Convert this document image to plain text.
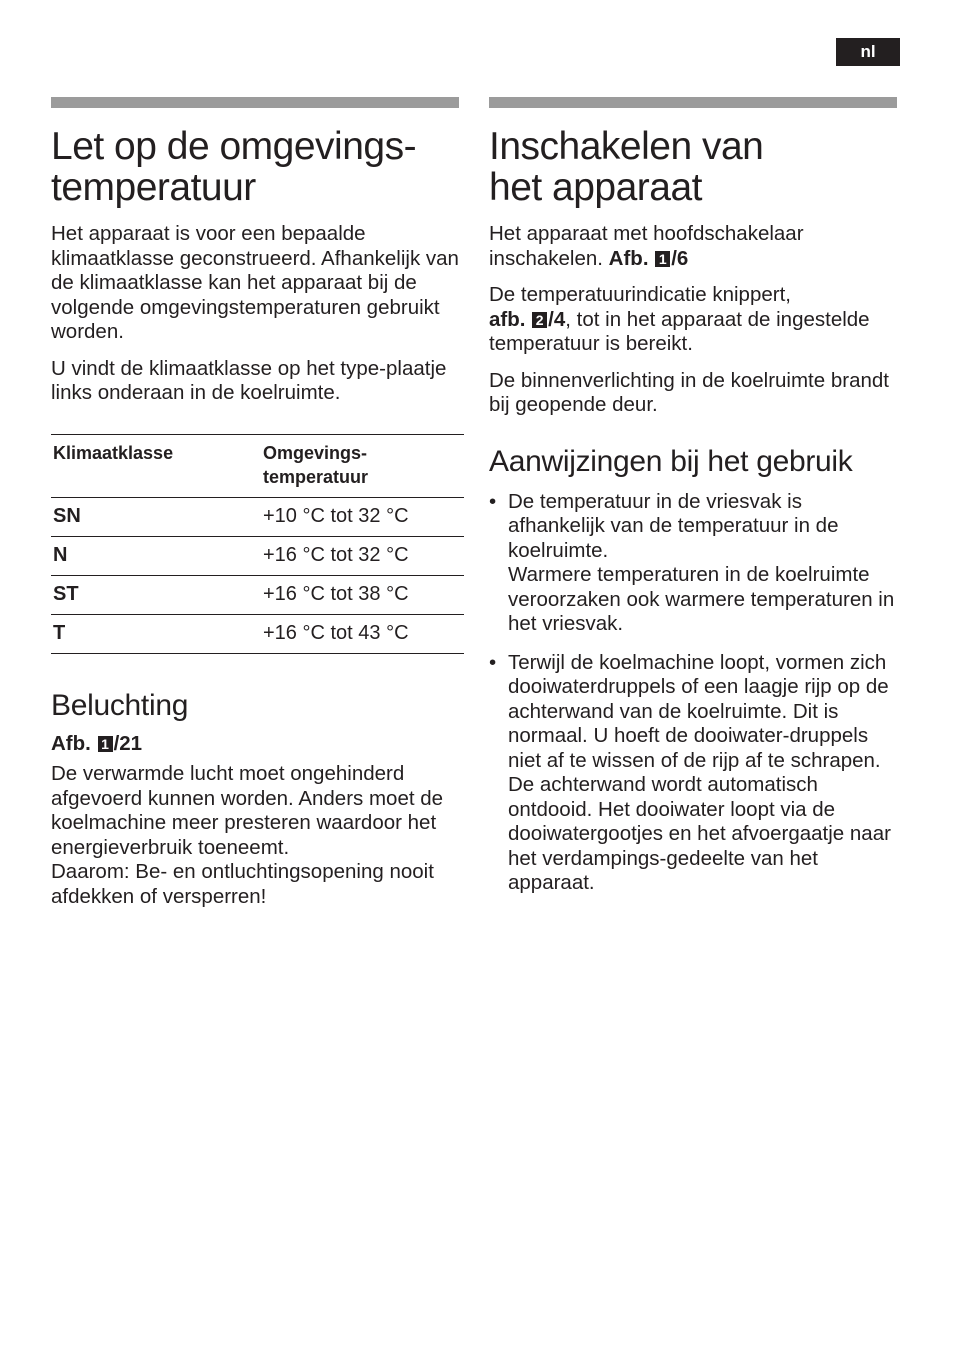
nl
Let op de omgevings-
temperatuur

Het apparaat is voor een bepaalde klimaatklasse geconstrueerd. Afhankelijk van de klimaatklasse kan het apparaat bij de volgende omgevingstemperaturen gebruikt worden.

U vindt de klimaatklasse op het type-plaatje links onderaan in de koelruimte.

Klimaatklasse	Omgevings-
temperatuur
SN	+10 °C tot 32 °C
N	+16 °C tot 32 °C
ST	+16 °C tot 38 °C
T	+16 °C tot 43 °C
Beluchting

Afb. 1 /21

De verwarmde lucht moet ongehinderd afgevoerd kunnen worden. Anders moet de koelmachine meer presteren waardoor het energieverbruik toeneemt.

Daarom: Be- en ontluchtingsopening nooit afdekken of versperren!

Inschakelen van
het apparaat

Het apparaat met hoofdschakelaar inschakelen. Afb. 1 /6

De temperatuurindicatie knippert,
afb. 2 /4, tot in het apparaat de ingestelde temperatuur is bereikt.

De binnenverlichting in de koelruimte brandt bij geopende deur.

Aanwijzingen bij het gebruik
• De temperatuur in de vriesvak is afhankelijk van de temperatuur in de koelruimte.
Warmere temperaturen in de koelruimte veroorzaken ook warmere temperaturen in het vriesvak.
• Terwijl de koelmachine loopt, vormen zich dooiwaterdruppels of een laagje rijp op de achterwand van de koelruimte. Dit is normaal. U hoeft de dooiwater-druppels niet af te wissen of de rijp af te schrapen. De achterwand wordt automatisch ontdooid. Het dooiwater loopt via de dooiwatergootjes en het afvoergaatje naar het verdampings-gedeelte van het apparaat.
